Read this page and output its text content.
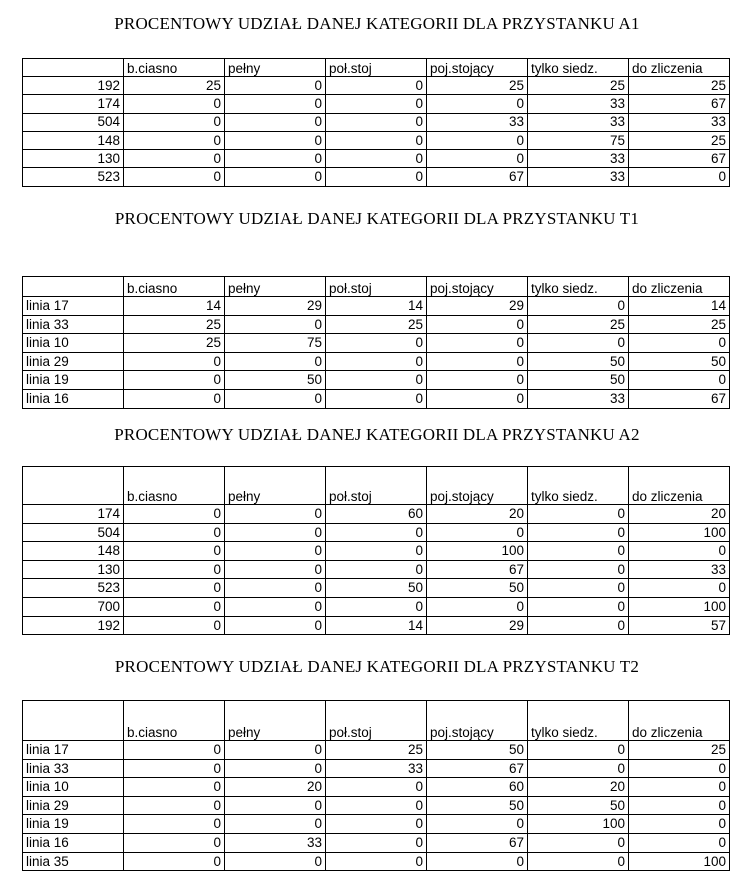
PROCENTOWY UDZIAŁ DANEJ KATEGORII DLA PRZYSTANKU A1
	b.ciasno	pełny	poł.stoj	poj.stojący	tylko siedz.	do zliczenia
192	25	0	0	25	25	25
174	0	0	0	0	33	67
504	0	0	0	33	33	33
148	0	0	0	0	75	25
130	0	0	0	0	33	67
523	0	0	0	67	33	0
PROCENTOWY UDZIAŁ DANEJ KATEGORII DLA PRZYSTANKU T1
	b.ciasno	pełny	poł.stoj	poj.stojący	tylko siedz.	do zliczenia
linia 17	14	29	14	29	0	14
linia 33	25	0	25	0	25	25
linia 10	25	75	0	0	0	0
linia 29	0	0	0	0	50	50
linia 19	0	50	0	0	50	0
linia 16	0	0	0	0	33	67
PROCENTOWY UDZIAŁ DANEJ KATEGORII DLA PRZYSTANKU A2
	b.ciasno	pełny	poł.stoj	poj.stojący	tylko siedz.	do zliczenia
174	0	0	60	20	0	20
504	0	0	0	0	0	100
148	0	0	0	100	0	0
130	0	0	0	67	0	33
523	0	0	50	50	0	0
700	0	0	0	0	0	100
192	0	0	14	29	0	57
PROCENTOWY UDZIAŁ DANEJ KATEGORII DLA PRZYSTANKU T2
	b.ciasno	pełny	poł.stoj	poj.stojący	tylko siedz.	do zliczenia
linia 17	0	0	25	50	0	25
linia 33	0	0	33	67	0	0
linia 10	0	20	0	60	20	0
linia 29	0	0	0	50	50	0
linia 19	0	0	0	0	100	0
linia 16	0	33	0	67	0	0
linia 35	0	0	0	0	0	100
